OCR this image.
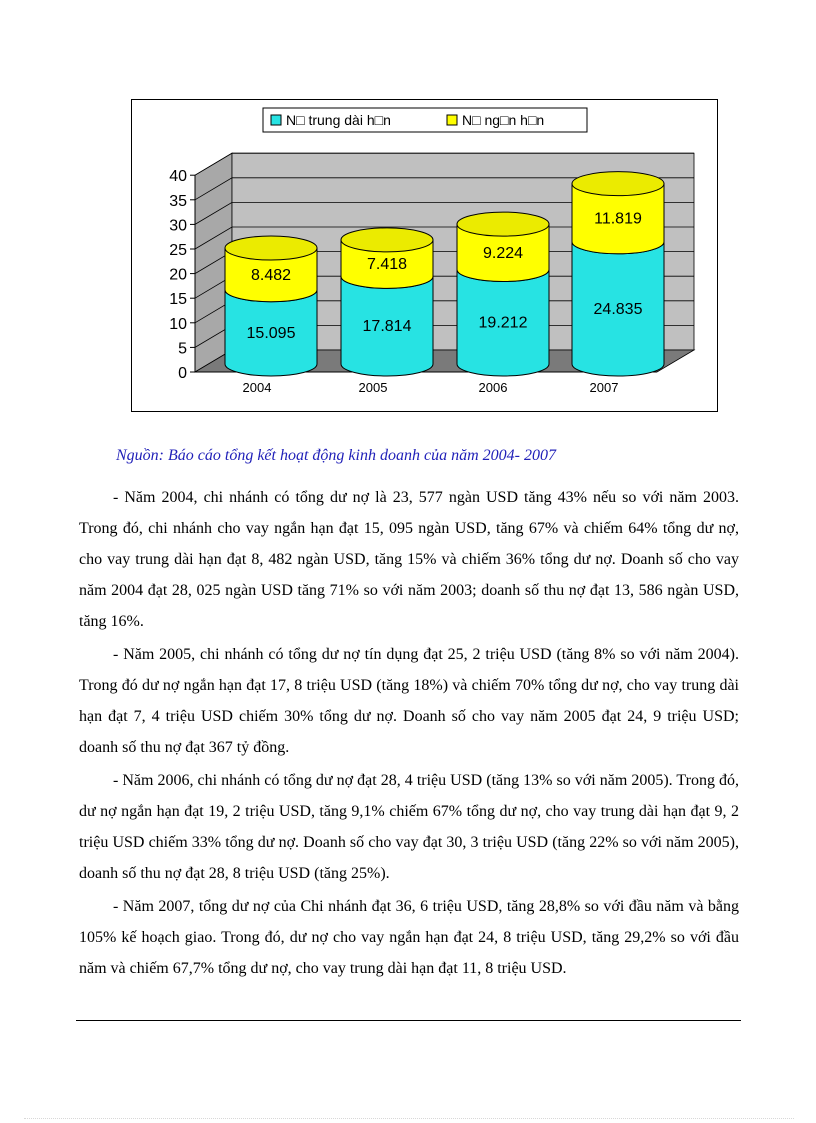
0
5
10
15
20
25
30
35
40
15.095
8.482
2004
17.814
7.418
2005
19.212
9.224
2006
24.835
11.819
2007
N□ trung dài h□n	N□ ng□n h□n
Nguồn: Báo cáo tổng kết hoạt động kinh doanh của năm 2004- 2007

- Năm 2004, chi nhánh có tổng dư nợ là 23, 577 ngàn USD tăng 43% nếu so với năm 2003. Trong đó, chi nhánh cho vay ngắn hạn đạt 15, 095 ngàn USD, tăng 67% và chiếm 64% tổng dư nợ, cho vay trung dài hạn đạt 8, 482 ngàn USD, tăng 15% và chiếm 36% tổng dư nợ. Doanh số cho vay năm 2004 đạt 28, 025 ngàn USD tăng 71% so với năm 2003; doanh số thu nợ đạt 13, 586 ngàn USD, tăng 16%.

- Năm 2005, chi nhánh có tổng dư nợ tín dụng đạt 25, 2 triệu USD (tăng 8% so với năm 2004). Trong đó dư nợ ngắn hạn đạt 17, 8 triệu USD (tăng 18%) và chiếm 70% tổng dư nợ, cho vay trung dài hạn đạt 7, 4 triệu USD chiếm 30% tổng dư nợ. Doanh số cho vay năm 2005 đạt 24, 9 triệu USD; doanh số thu nợ đạt 367 tỷ đồng.

- Năm 2006, chi nhánh có tổng dư nợ đạt 28, 4 triệu USD (tăng 13% so với năm 2005). Trong đó, dư nợ ngắn hạn đạt 19, 2 triệu USD, tăng 9,1% chiếm 67% tổng dư nợ, cho vay trung dài hạn đạt 9, 2 triệu USD chiếm 33% tổng dư nợ. Doanh số cho vay đạt 30, 3 triệu USD (tăng 22% so với năm 2005), doanh số thu nợ đạt 28, 8 triệu USD (tăng 25%).

- Năm 2007, tổng dư nợ của Chi nhánh đạt 36, 6 triệu USD, tăng 28,8% so với đầu năm và bằng 105% kế hoạch giao. Trong đó, dư nợ cho vay ngắn hạn đạt 24, 8 triệu USD, tăng 29,2% so với đầu năm và chiếm 67,7% tổng dư nợ, cho vay trung dài hạn đạt 11, 8 triệu USD.
